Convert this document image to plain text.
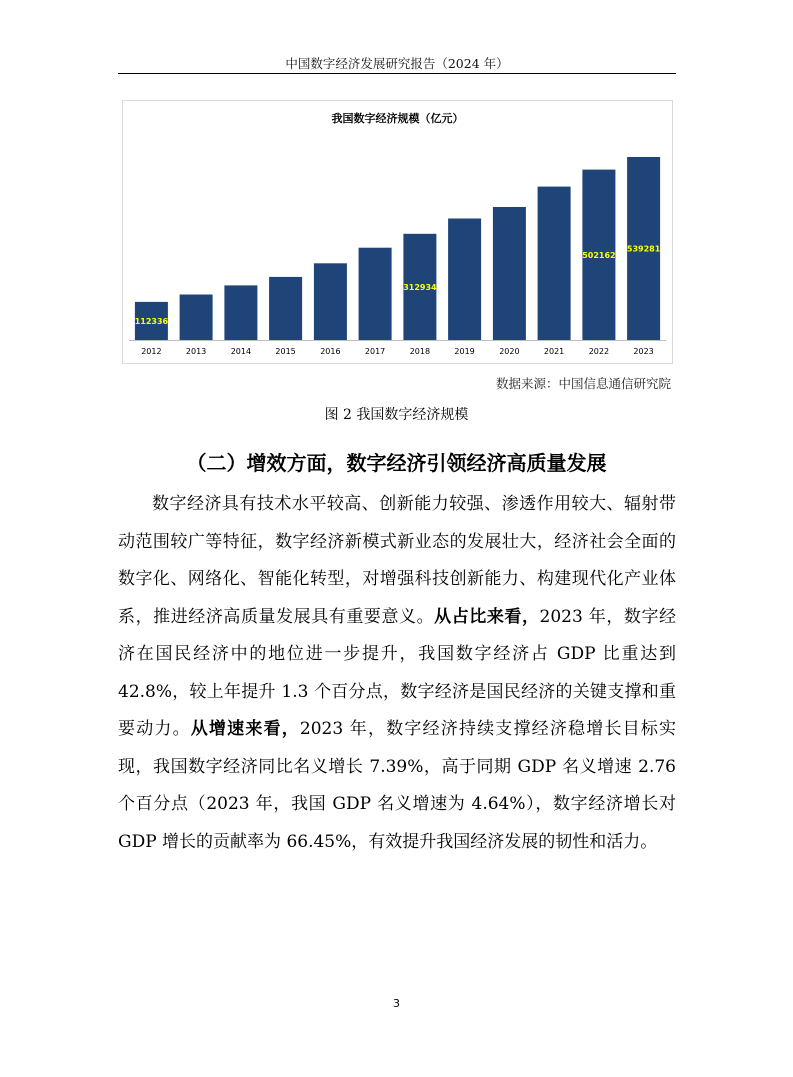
中国数字经济发展研究报告（2024 年）
我国数字经济规模（亿元）
2012
112336
2013	2014	2015	2016	2017	2018
312934
2019	2020	2021	2022
502162
2023
539281
数据来源：中国信息通信研究院
图 2 我国数字经济规模
（二）增效方面，数字经济引领经济高质量发展

数字经济具有技术水平较高、创新能力较强、渗透作用较大、辐射带动范围较广等特征，数字经济新模式新业态的发展壮大，经济社会全面的数字化、网络化、智能化转型，对增强科技创新能力、构建现代化产业体系，推进经济高质量发展具有重要意义。从占比来看，2023 年，数字经济在国民经济中的地位进一步提升，我国数字经济占 GDP 比重达到 42.8%，较上年提升 1.3 个百分点，数字经济是国民经济的关键支撑和重要动力。从增速来看，2023 年，数字经济持续支撑经济稳增长目标实现，我国数字经济同比名义增长 7.39%，高于同期 GDP 名义增速 2.76 个百分点（2023 年，我国 GDP 名义增速为 4.64%），数字经济增长对 GDP 增长的贡献率为 66.45%，有效提升我国经济发展的韧性和活力。

3
